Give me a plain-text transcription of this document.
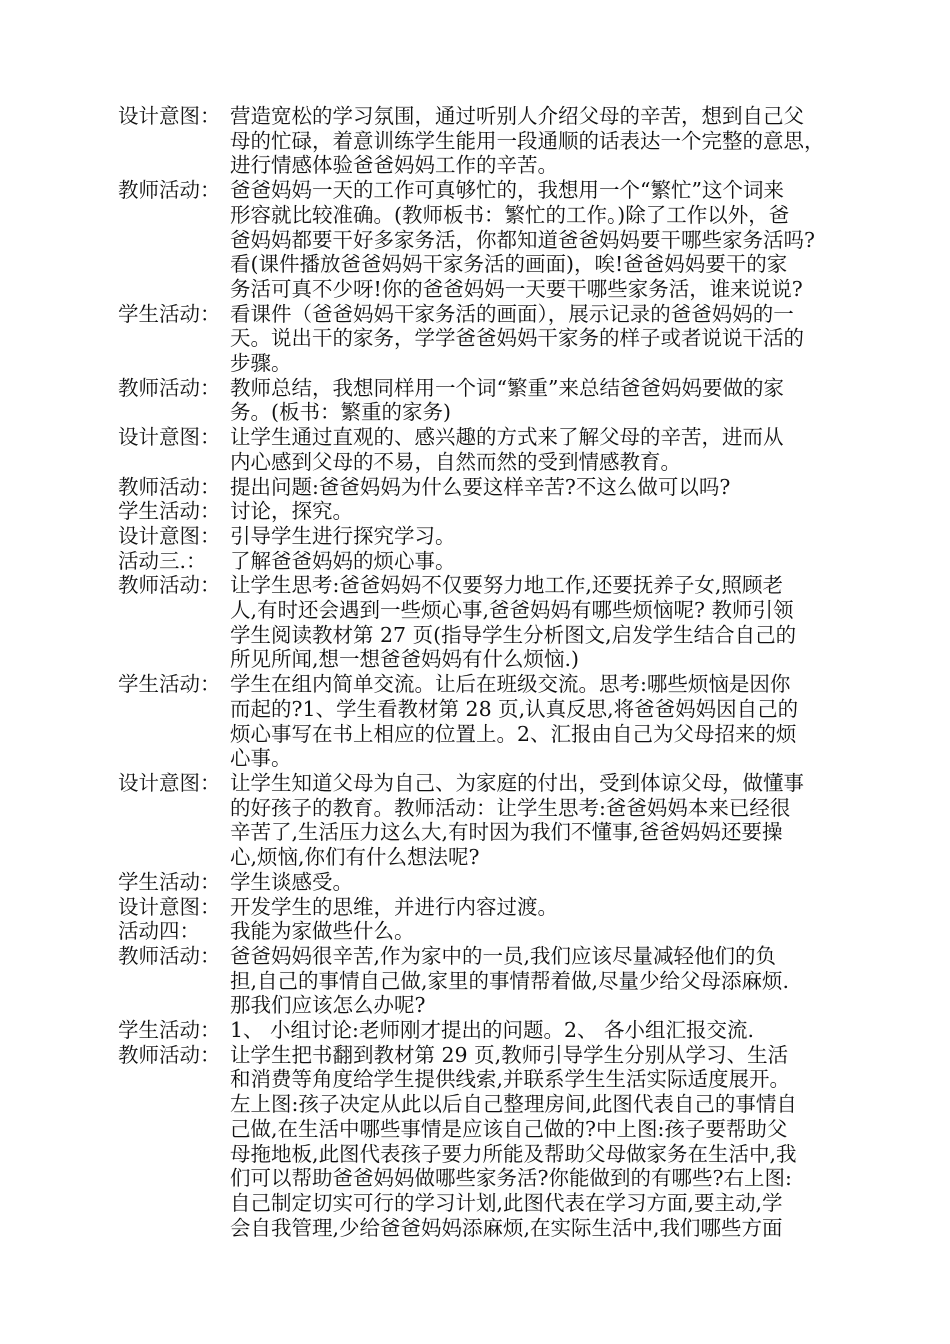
设计意图： 营造宽松的学习氛围，通过听别人介绍父母的辛苦，想到自己父
母的忙碌，着意训练学生能用一段通顺的话表达一个完整的意思，
进行情感体验爸爸妈妈工作的辛苦。
教师活动： 爸爸妈妈一天的工作可真够忙的，我想用一个“繁忙”这个词来
形容就比较准确。(教师板书：繁忙的工作。)除了工作以外，爸
爸妈妈都要干好多家务活，你都知道爸爸妈妈要干哪些家务活吗?
看(课件播放爸爸妈妈干家务活的画面)，唉!爸爸妈妈要干的家
务活可真不少呀!你的爸爸妈妈一天要干哪些家务活，谁来说说?
学生活动： 看课件（爸爸妈妈干家务活的画面），展示记录的爸爸妈妈的一
天。说出干的家务，学学爸爸妈妈干家务的样子或者说说干活的
步骤。
教师活动： 教师总结，我想同样用一个词“繁重”来总结爸爸妈妈要做的家
务。(板书：繁重的家务)
设计意图： 让学生通过直观的、感兴趣的方式来了解父母的辛苦，进而从
内心感到父母的不易，自然而然的受到情感教育。
教师活动： 提出问题:爸爸妈妈为什么要这样辛苦?不这么做可以吗?
学生活动： 讨论，探究。
设计意图： 引导学生进行探究学习。
活动三.：	了解爸爸妈妈的烦心事。
教师活动： 让学生思考:爸爸妈妈不仅要努力地工作,还要抚养子女,照顾老
人,有时还会遇到一些烦心事,爸爸妈妈有哪些烦恼呢? 教师引领
学生阅读教材第 27 页(指导学生分析图文,启发学生结合自己的
所见所闻,想一想爸爸妈妈有什么烦恼.)
学生活动： 学生在组内简单交流。让后在班级交流。思考:哪些烦恼是因你
而起的?1、学生看教材第 28 页,认真反思,将爸爸妈妈因自己的
烦心事写在书上相应的位置上。2、汇报由自己为父母招来的烦
心事。
设计意图： 让学生知道父母为自己、为家庭的付出，受到体谅父母，做懂事
的好孩子的教育。教师活动：让学生思考:爸爸妈妈本来已经很
辛苦了,生活压力这么大,有时因为我们不懂事,爸爸妈妈还要操
心,烦恼,你们有什么想法呢?
学生活动： 学生谈感受。
设计意图： 开发学生的思维，并进行内容过渡。
活动四：	我能为家做些什么。
教师活动： 爸爸妈妈很辛苦,作为家中的一员,我们应该尽量减轻他们的负
担,自己的事情自己做,家里的事情帮着做,尽量少给父母添麻烦.
那我们应该怎么办呢?
学生活动： 1、 小组讨论:老师刚才提出的问题。2、 各小组汇报交流.
教师活动： 让学生把书翻到教材第 29 页,教师引导学生分别从学习、生活
和消费等角度给学生提供线索,并联系学生生活实际适度展开。
左上图:孩子决定从此以后自己整理房间,此图代表自己的事情自
己做,在生活中哪些事情是应该自己做的?中上图:孩子要帮助父
母拖地板,此图代表孩子要力所能及帮助父母做家务在生活中,我
们可以帮助爸爸妈妈做哪些家务活?你能做到的有哪些?右上图:
自己制定切实可行的学习计划,此图代表在学习方面,要主动,学
会自我管理,少给爸爸妈妈添麻烦,在实际生活中,我们哪些方面
